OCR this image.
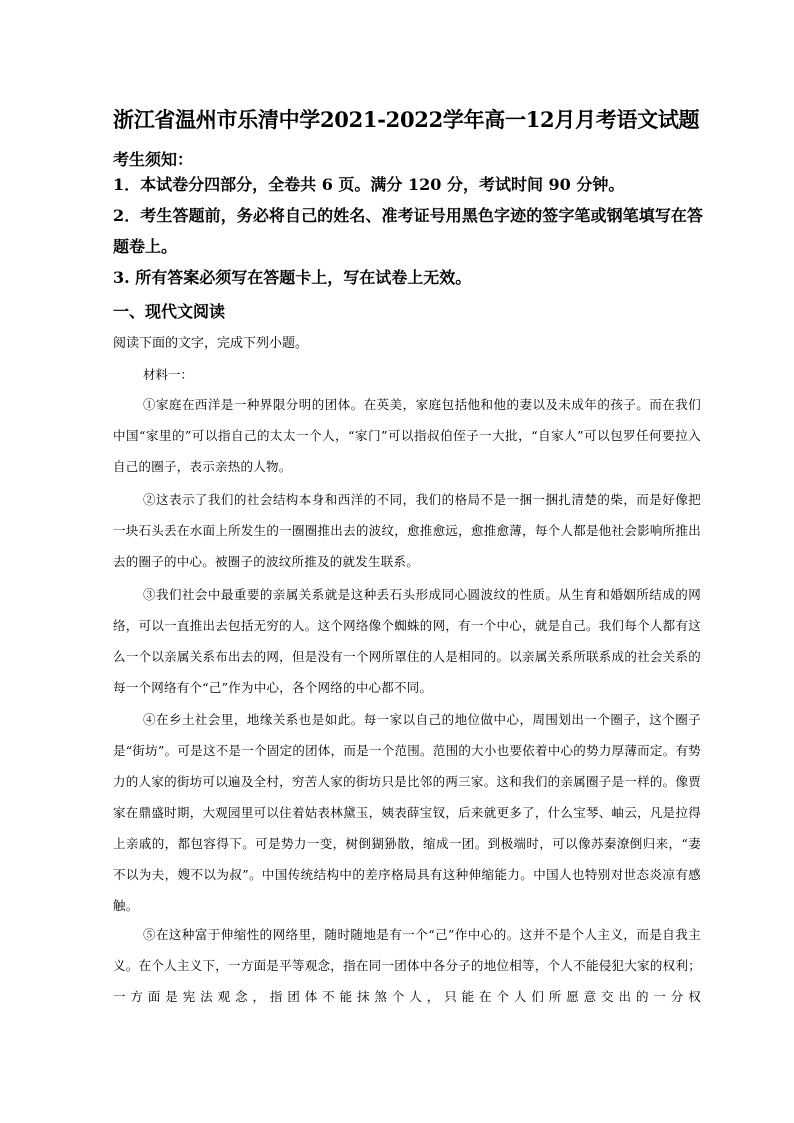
浙江省温州市乐清中学2021-2022学年高一12月月考语文试题
考生须知：
1．本试卷分四部分，全卷共 6 页。满分 120 分，考试时间 90 分钟。
2．考生答题前，务必将自己的姓名、准考证号用黑色字迹的签字笔或钢笔填写在答题卷上。
3. 所有答案必须写在答题卡上，写在试卷上无效。
一、现代文阅读
阅读下面的文字，完成下列小题。
材料一：
①家庭在西洋是一种界限分明的团体。在英美，家庭包括他和他的妻以及未成年的孩子。而在我们中国“家里的”可以指自己的太太一个人，“家门”可以指叔伯侄子一大批，“自家人”可以包罗任何要拉入自己的圈子，表示亲热的人物。
②这表示了我们的社会结构本身和西洋的不同，我们的格局不是一捆一捆扎清楚的柴，而是好像把一块石头丢在水面上所发生的一圈圈推出去的波纹，愈推愈远，愈推愈薄，每个人都是他社会影响所推出去的圈子的中心。被圈子的波纹所推及的就发生联系。
③我们社会中最重要的亲属关系就是这种丢石头形成同心圆波纹的性质。从生育和婚姻所结成的网络，可以一直推出去包括无穷的人。这个网络像个蜘蛛的网，有一个中心，就是自己。我们每个人都有这么一个以亲属关系布出去的网，但是没有一个网所罩住的人是相同的。以亲属关系所联系成的社会关系的每一个网络有个“己”作为中心，各个网络的中心都不同。
④在乡土社会里，地缘关系也是如此。每一家以自己的地位做中心，周围划出一个圈子，这个圈子是“街坊”。可是这不是一个固定的团体，而是一个范围。范围的大小也要依着中心的势力厚薄而定。有势力的人家的街坊可以遍及全村，穷苦人家的街坊只是比邻的两三家。这和我们的亲属圈子是一样的。像贾家在鼎盛时期，大观园里可以住着姑表林黛玉，姨表薛宝钗，后来就更多了，什么宝琴、岫云，凡是拉得上亲戚的，都包容得下。可是势力一变，树倒猢狲散，缩成一团。到极端时，可以像苏秦潦倒归来，“妻不以为夫，嫂不以为叔”。中国传统结构中的差序格局具有这种伸缩能力。中国人也特别对世态炎凉有感触。
⑤在这种富于伸缩性的网络里，随时随地是有一个“己”作中心的。这并不是个人主义，而是自我主义。在个人主义下，一方面是平等观念，指在同一团体中各分子的地位相等，个人不能侵犯大家的权利；一方面是宪法观念，指团体不能抹煞个人，只能在个人们所愿意交出的一分权
